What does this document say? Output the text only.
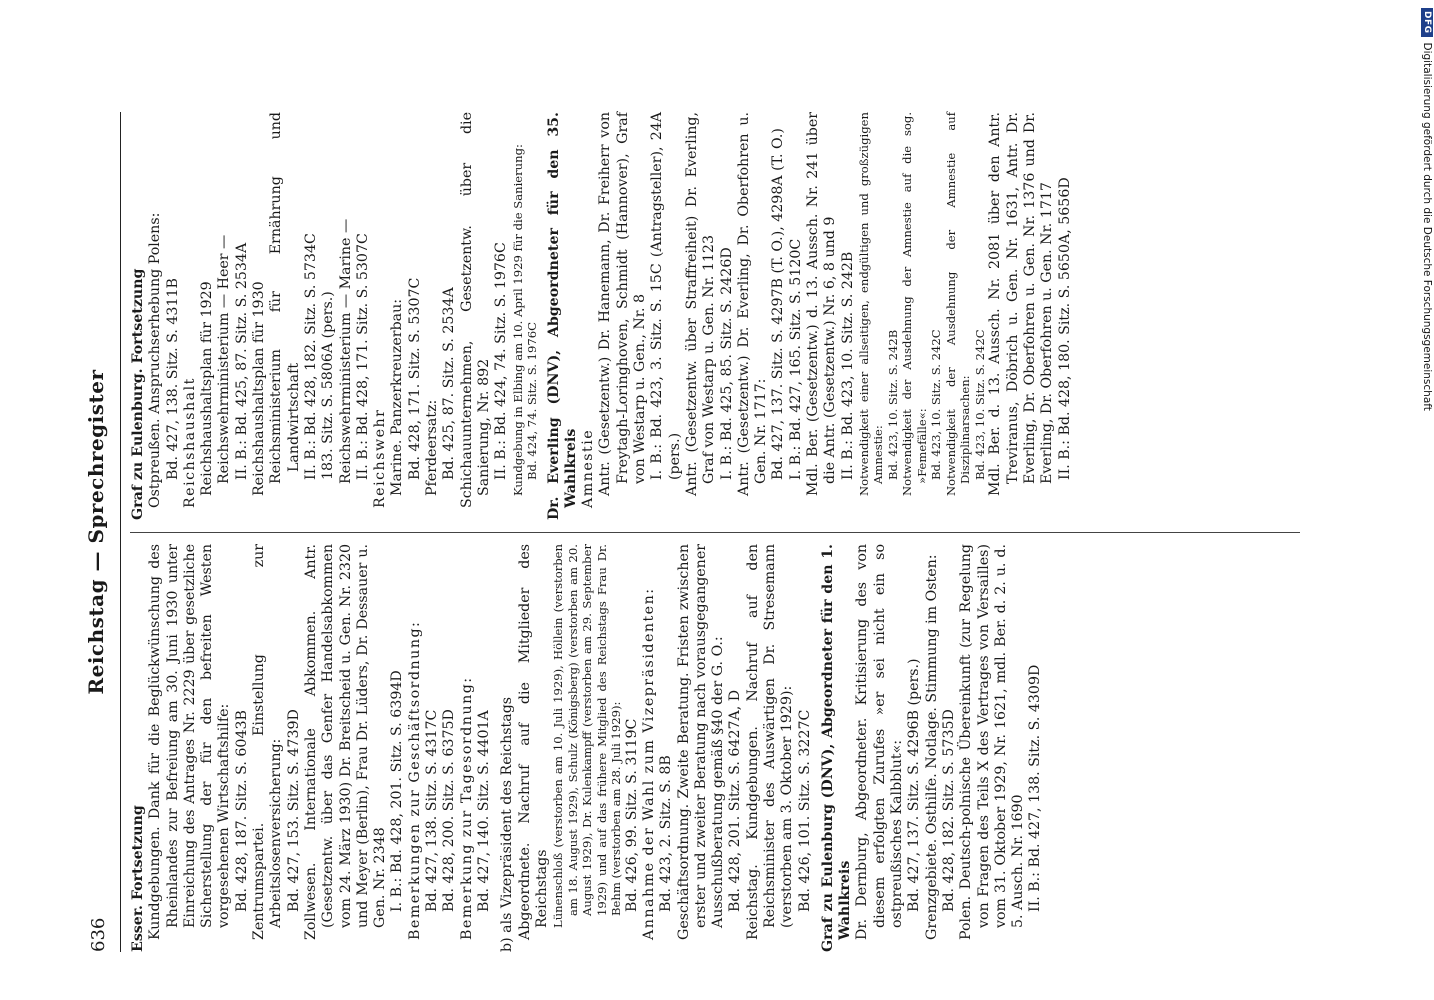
636
Reichstag — Sprechregister

Esser. Fortsetzung Kundgebungen. Dank für die Beglückwünschung des Rheinlandes zur Befreiung am 30. Juni 1930 unter Einreichung des Antrages Nr. 2229 über gesetzliche Sicherstellung der für den befreiten Westen vorgesehenen Wirtschaftshilfe: Bd. 428, 187. Sitz. S. 6043B Zentrumspartei. Einstellung zur Arbeitslosenversicherung: Bd. 427, 153. Sitz. S. 4739D Zollwesen. Internationale Abkommen. Antr. (Gesetzentw. über das Genfer Handelsabkommen vom 24. März 1930) Dr. Breitscheid u. Gen. Nr. 2320 und Meyer (Berlin), Frau Dr. Lüders, Dr. Dessauer u. Gen. Nr. 2348 I. B.: Bd. 428, 201. Sitz. S. 6394D Bemerkungen zur Geschäftsordnung: Bd. 427, 138. Sitz. S. 4317C Bd. 428, 200. Sitz. S. 6375D Bemerkung zur Tagesordnung: Bd. 427, 140. Sitz. S. 4401A b) als Vizepräsident des Reichstags Abgeordnete. Nachruf auf die Mitglieder des Reichstags Lünenschloß (verstorben am 10. Juli 1929), Höllein (verstorben am 18. August 1929), Schulz (Königsberg) (verstorben am 20. August 1929), Dr. Kulenkampff (verstorben am 29. September 1929) und auf das frühere Mitglied des Reichstags Frau Dr. Behm (verstorben am 28. Juli 1929): Bd. 426, 99. Sitz. S. 3119C Annahme der Wahl zum Vizepräsidenten: Bd. 423, 2. Sitz. S. 8B Geschäftsordnung. Zweite Beratung. Fristen zwischen erster und zweiter Beratung nach vorausgegangener Ausschußberatung gemäß §40 der G. O.: Bd. 428, 201. Sitz. S. 6427A, D Reichstag. Kundgebungen. Nachruf auf den Reichsminister des Auswärtigen Dr. Stresemann (verstorben am 3. Oktober 1929): Bd. 426, 101. Sitz. S. 3227C Graf zu Eulenburg (DNV), Abgeordneter für den 1. Wahlkreis Dr. Dernburg, Abgeordneter. Kritisierung des von diesem erfolgten Zurufes »er sei nicht ein so ostpreußisches Kalbblut«: Bd. 427, 137. Sitz. S. 4296B (pers.) Grenzgebiete. Osthilfe. Notlage. Stimmung im Osten: Bd. 428, 182. Sitz. S. 5735D Polen. Deutsch-polnische Übereinkunft (zur Regelung von Fragen des Teils X des Vertrages von Versailles) vom 31. Oktober 1929, Nr. 1621, mdl. Ber. d. 2. u. d. 5. Ausch. Nr. 1690 II. B.: Bd. 427, 138. Sitz. S. 4309D

Graf zu Eulenburg. Fortsetzung Ostpreußen. Anspruchserhebung Polens: Bd. 427, 138. Sitz. S. 4311B Reichshaushalt Reichshaushaltsplan für 1929 Reichswehrministerium — Heer — II. B.: Bd. 425, 87. Sitz. S. 2534A Reichshaushaltsplan für 1930 Reichsministerium für Ernährung und Landwirtschaft II. B.: Bd. 428, 182. Sitz. S. 5734C 183. Sitz. S. 5806A (pers.) Reichswehrministerium — Marine — II. B.: Bd. 428, 171. Sitz. S. 5307C Reichswehr Marine. Panzerkreuzerbau: Bd. 428, 171. Sitz. S. 5307C Pferdeersatz: Bd. 425, 87. Sitz. S. 2534A Schichauunternehmen, Gesetzentw. über die Sanierung, Nr. 892 II. B.: Bd. 424, 74. Sitz. S. 1976C Kundgebung in Elbing am 10. April 1929 für die Sanierung: Bd. 424, 74. Sitz. S. 1976C Dr. Everling (DNV), Abgeordneter für den 35. Wahlkreis Amnestie Antr. (Gesetzentw.) Dr. Hanemann, Dr. Freiherr von Freytagh-Loringhoven, Schmidt (Hannover), Graf von Westarp u. Gen., Nr. 8 I. B.: Bd. 423, 3. Sitz. S. 15C (Antragsteller), 24A (pers.) Antr. (Gesetzentw. über Straffreiheit) Dr. Everling, Graf von Westarp u. Gen. Nr. 1123 I. B.: Bd. 425, 85. Sitz. S. 2426D Antr. (Gesetzentw.) Dr. Everling, Dr. Oberfohren u. Gen. Nr. 1717: Bd. 427, 137. Sitz. S. 4297B (T. O.), 4298A (T. O.) I. B.: Bd. 427, 165. Sitz. S. 5120C Mdl. Ber. (Gesetzentw.) d. 13. Aussch. Nr. 241 über die Antr. (Gesetzentw.) Nr. 6, 8 und 9 II. B.: Bd. 423, 10. Sitz. S. 242B Notwendigkeit einer allseitigen, endgültigen und großzügigen Amnestie: Bd. 423, 10. Sitz. S. 242B Notwendigkeit der Ausdehnung der Amnestie auf die sog. »Femefälle«: Bd. 423, 10. Sitz. S. 242C Notwendigkeit der Ausdehnung der Amnestie auf Disziplinarsachen: Bd. 423, 10. Sitz. S. 242C Mdl. Ber. d. 13. Aussch. Nr. 2081 über den Antr. Treviranus, Döbrich u. Gen. Nr. 1631, Antr. Dr. Everling, Dr. Oberfohren u. Gen. Nr. 1376 und Dr. Everling, Dr. Oberfohren u. Gen. Nr. 1717 II. B.: Bd. 428, 180. Sitz. S. 5650A, 5656D

DFG
Digitalisierung gefördert durch die Deutsche Forschungsgemeinschaft
